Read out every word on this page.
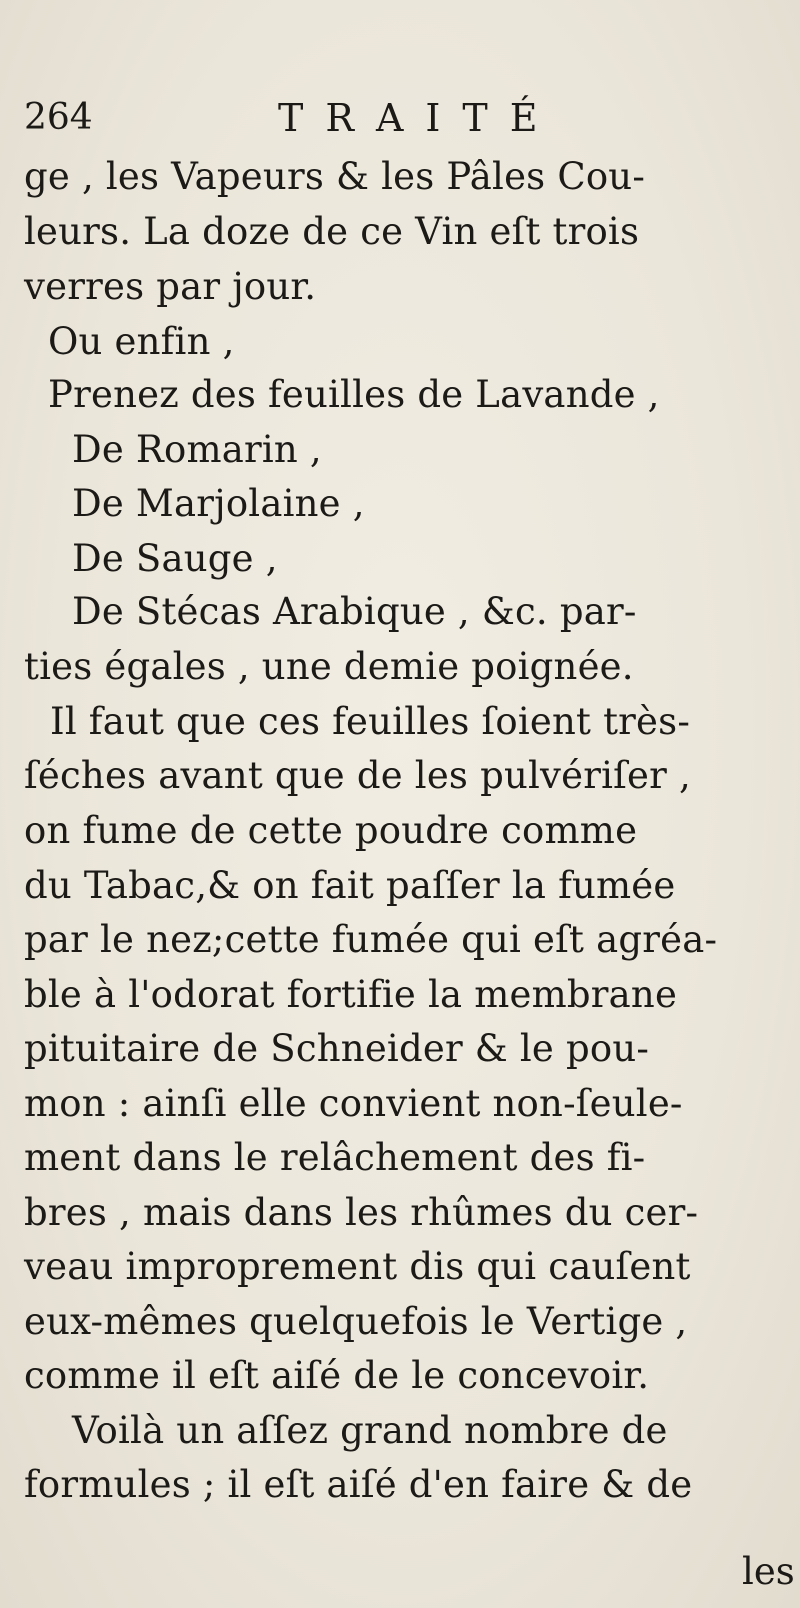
264	TRAITÉ
ge , les Vapeurs & les Pâles Cou-
leurs. La doze de ce Vin eſt trois
verres par jour.
Ou enfin ,
Prenez des feuilles de Lavande ,
De Romarin ,
De Marjolaine ,
De Sauge ,
De Stécas Arabique , &c. par-
ties égales , une demie poignée.
Il faut que ces feuilles ſoient très-
ſéches avant que de les pulvériſer ,
on fume de cette poudre comme
du Tabac,& on fait paſſer la fumée
par le nez;cette fumée qui eſt agréa-
ble à l'odorat fortifie la membrane
pituitaire de Schneider & le pou-
mon : ainſi elle convient non-ſeule-
ment dans le relâchement des fi-
bres , mais dans les rhûmes du cer-
veau improprement dis qui cauſent
eux-mêmes quelquefois le Vertige ,
comme il eſt aiſé de le concevoir.
Voilà un aſſez grand nombre de
formules ; il eſt aiſé d'en faire & de
les
